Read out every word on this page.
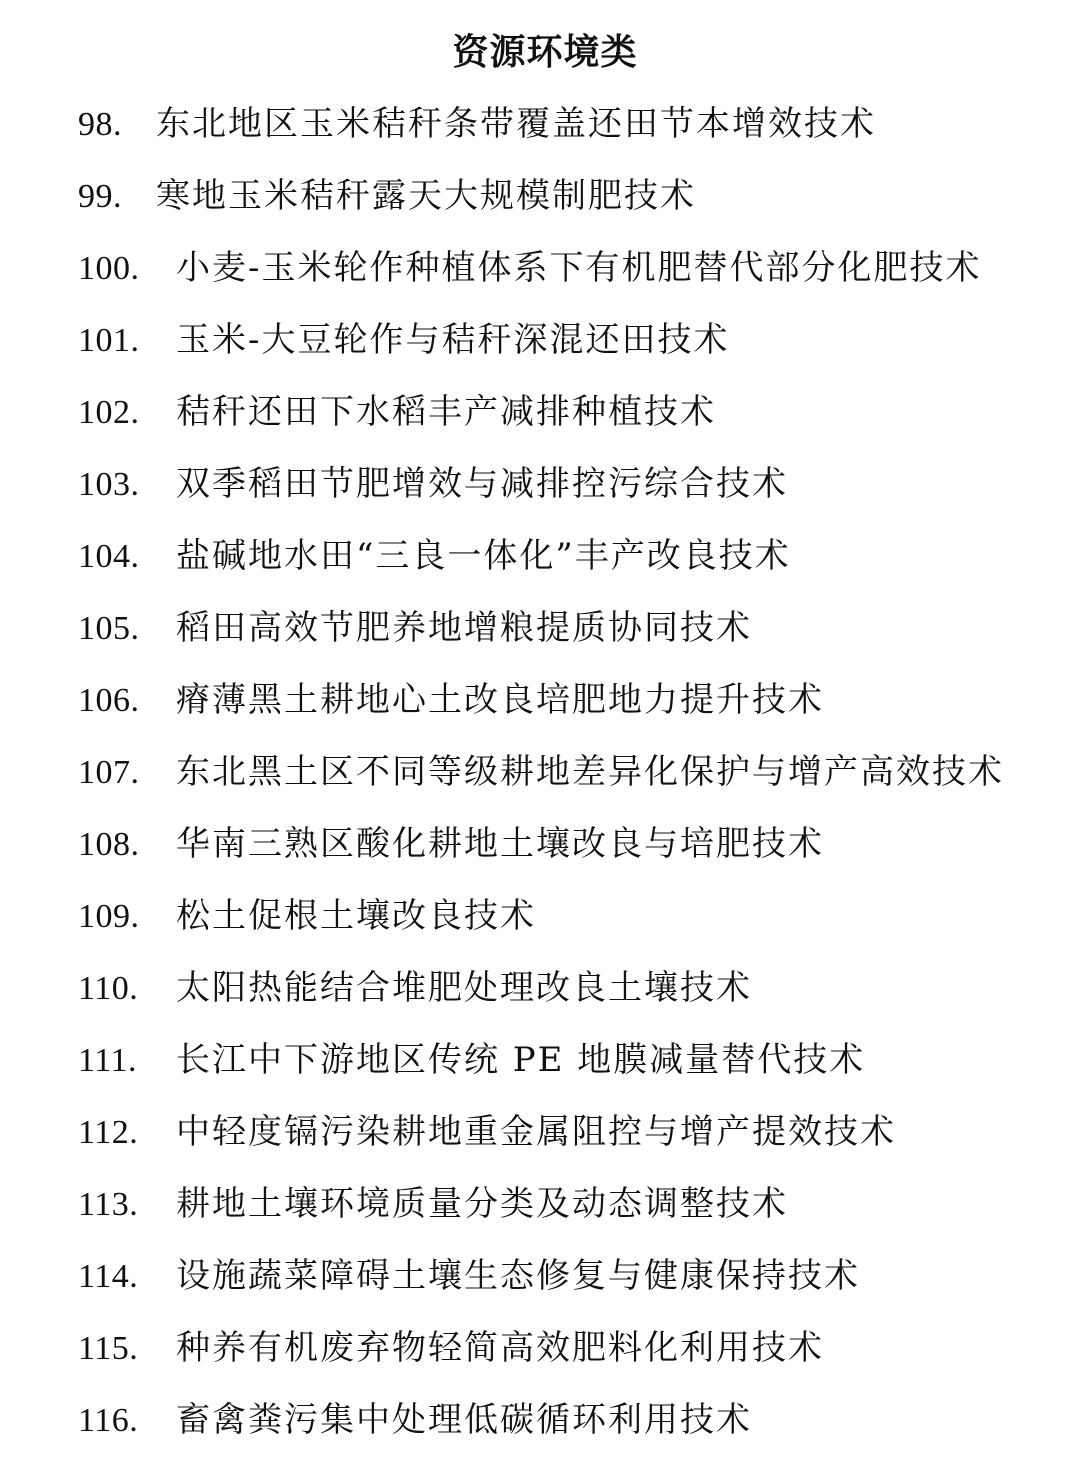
资源环境类
98. 东北地区玉米秸秆条带覆盖还田节本增效技术
99. 寒地玉米秸秆露天大规模制肥技术
100. 小麦-玉米轮作种植体系下有机肥替代部分化肥技术
101. 玉米-大豆轮作与秸秆深混还田技术
102. 秸秆还田下水稻丰产减排种植技术
103. 双季稻田节肥增效与减排控污综合技术
104. 盐碱地水田“三良一体化”丰产改良技术
105. 稻田高效节肥养地增粮提质协同技术
106. 瘠薄黑土耕地心土改良培肥地力提升技术
107. 东北黑土区不同等级耕地差异化保护与增产高效技术
108. 华南三熟区酸化耕地土壤改良与培肥技术
109. 松土促根土壤改良技术
110. 太阳热能结合堆肥处理改良土壤技术
111. 长江中下游地区传统 PE 地膜减量替代技术
112. 中轻度镉污染耕地重金属阻控与增产提效技术
113. 耕地土壤环境质量分类及动态调整技术
114. 设施蔬菜障碍土壤生态修复与健康保持技术
115. 种养有机废弃物轻简高效肥料化利用技术
116. 畜禽粪污集中处理低碳循环利用技术
